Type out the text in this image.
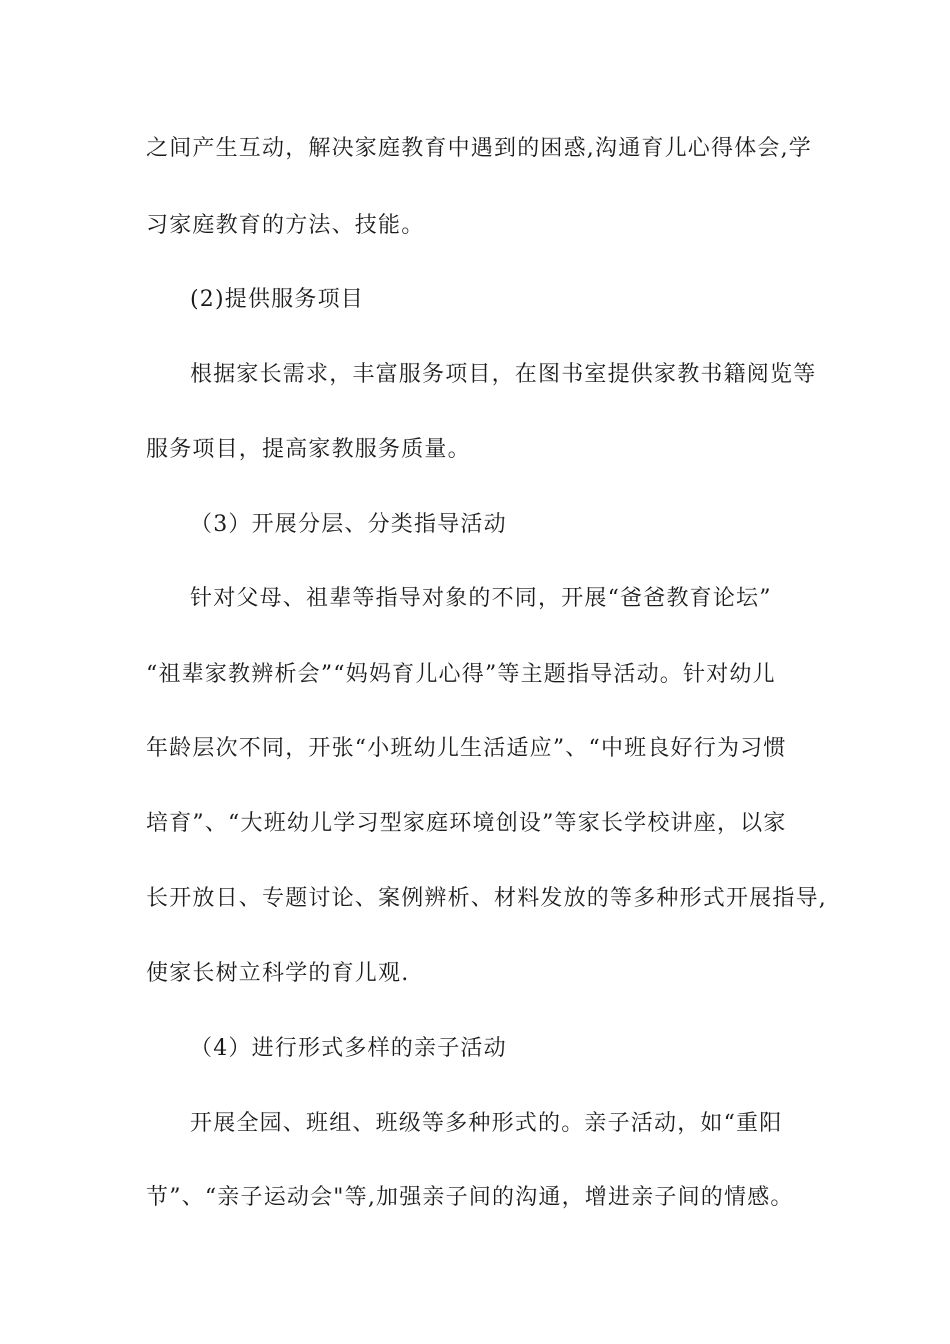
之间产生互动，解决家庭教育中遇到的困惑,沟通育儿心得体会,学
习家庭教育的方法、技能。
(2)提供服务项目
根据家长需求，丰富服务项目，在图书室提供家教书籍阅览等
服务项目，提高家教服务质量。
（3）开展分层、分类指导活动
针对父母、祖辈等指导对象的不同，开展“爸爸教育论坛”
“祖辈家教辨析会”“妈妈育儿心得”等主题指导活动。针对幼儿
年龄层次不同，开张“小班幼儿生活适应”、“中班良好行为习惯
培育”、“大班幼儿学习型家庭环境创设”等家长学校讲座，以家
长开放日、专题讨论、案例辨析、材料发放的等多种形式开展指导,
使家长树立科学的育儿观.
（4）进行形式多样的亲子活动
开展全园、班组、班级等多种形式的。亲子活动，如“重阳
节”、“亲子运动会"等,加强亲子间的沟通，增进亲子间的情感。
